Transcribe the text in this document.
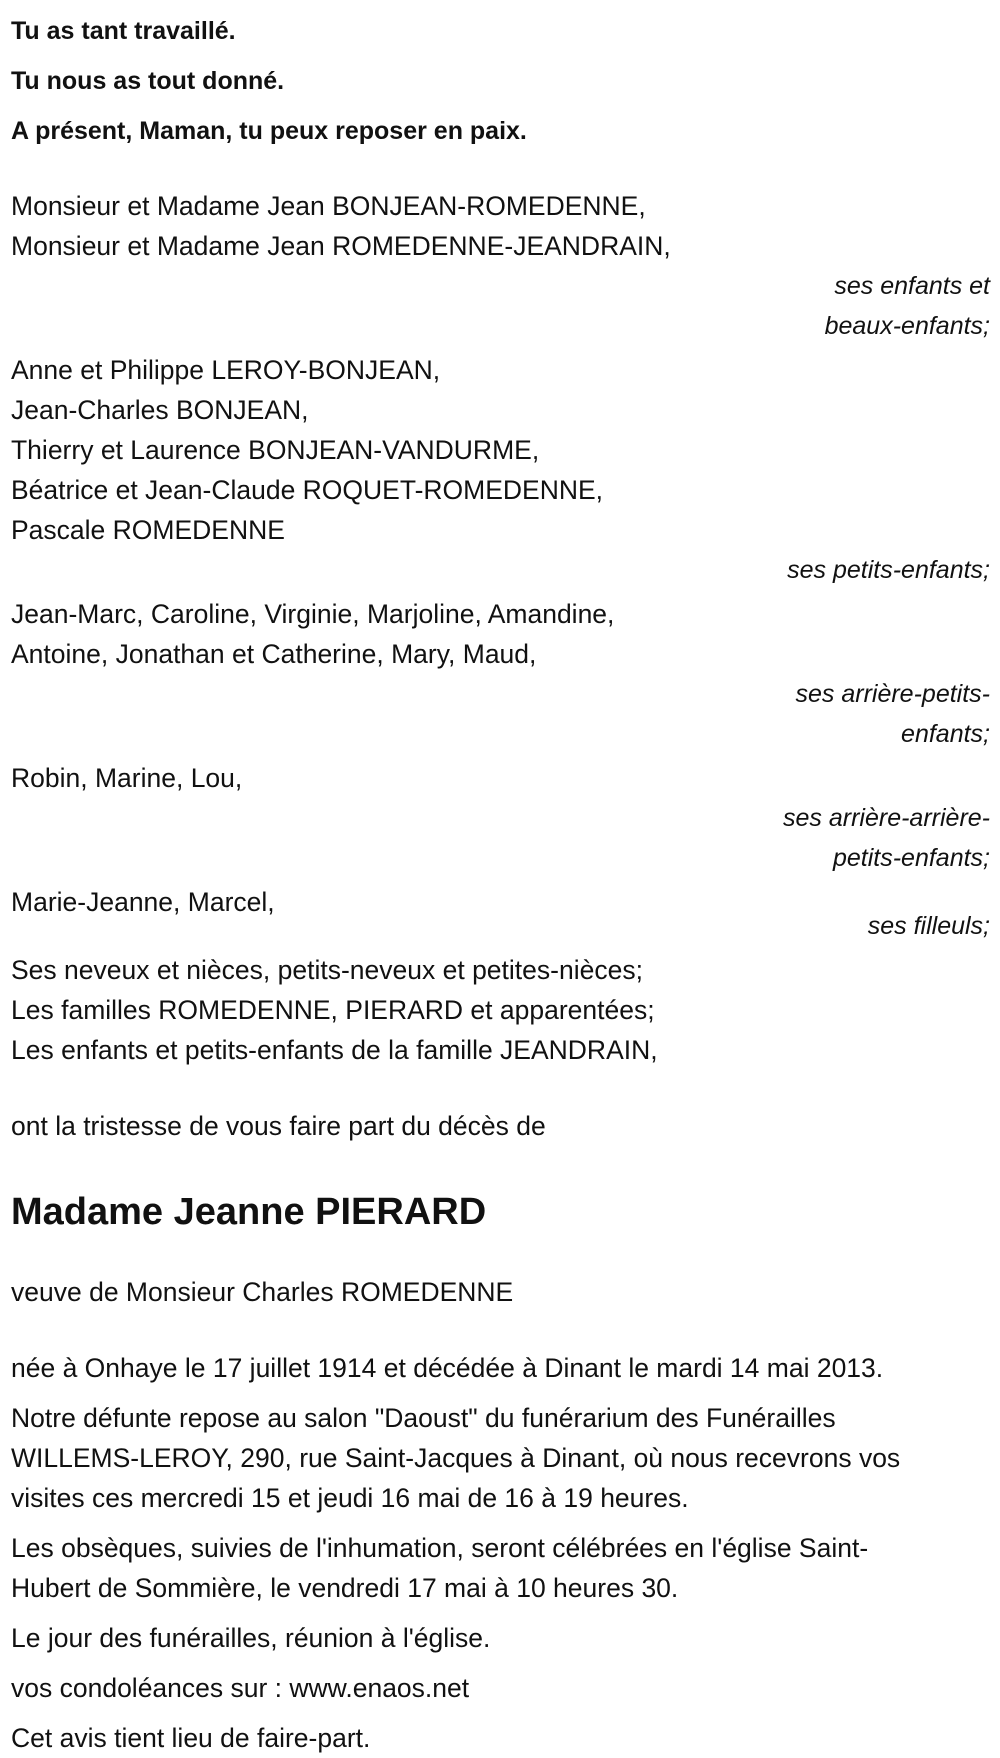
Tu as tant travaillé.
Tu nous as tout donné.
A présent, Maman, tu peux reposer en paix.
Monsieur et Madame Jean BONJEAN-ROMEDENNE,
Monsieur et Madame Jean ROMEDENNE-JEANDRAIN,
ses enfants et
beaux-enfants;
Anne et Philippe LEROY-BONJEAN,
Jean-Charles BONJEAN,
Thierry et Laurence BONJEAN-VANDURME,
Béatrice et Jean-Claude ROQUET-ROMEDENNE,
Pascale ROMEDENNE
ses petits-enfants;
Jean-Marc, Caroline, Virginie, Marjoline, Amandine,
Antoine, Jonathan et Catherine, Mary, Maud,
ses arrière-petits-
enfants;
Robin, Marine, Lou,
ses arrière-arrière-
petits-enfants;
Marie-Jeanne, Marcel,
ses filleuls;
Ses neveux et nièces, petits-neveux et petites-nièces;
Les familles ROMEDENNE, PIERARD et apparentées;
Les enfants et petits-enfants de la famille JEANDRAIN,
ont la tristesse de vous faire part du décès de
Madame Jeanne PIERARD
veuve de Monsieur Charles ROMEDENNE
née à Onhaye le 17 juillet 1914 et décédée à Dinant le mardi 14 mai 2013.
Notre défunte repose au salon "Daoust" du funérarium des Funérailles
WILLEMS-LEROY, 290, rue Saint-Jacques à Dinant, où nous recevrons vos
visites ces mercredi 15 et jeudi 16 mai de 16 à 19 heures.
Les obsèques, suivies de l'inhumation, seront célébrées en l'église Saint-
Hubert de Sommière, le vendredi 17 mai à 10 heures 30.
Le jour des funérailles, réunion à l'église.
vos condoléances sur : www.enaos.net
Cet avis tient lieu de faire-part.
